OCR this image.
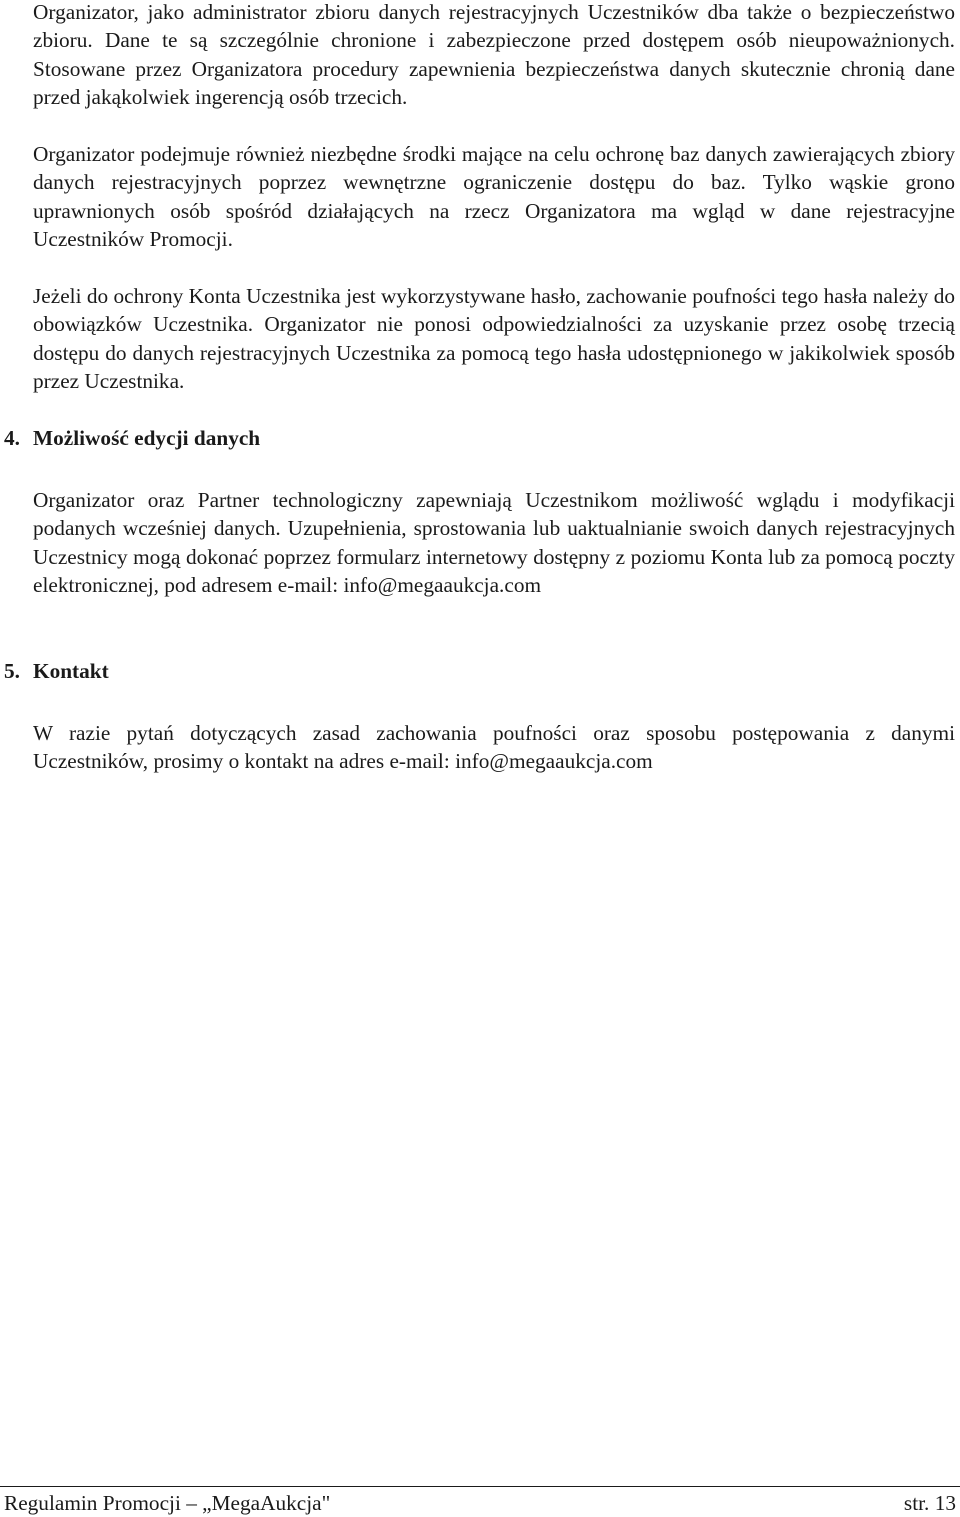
Organizator, jako administrator zbioru danych rejestracyjnych Uczestników dba także o bezpieczeństwo zbioru. Dane te są szczególnie chronione i zabezpieczone przed dostępem osób nieupoważnionych. Stosowane przez Organizatora procedury zapewnienia bezpieczeństwa danych skutecznie chronią dane przed jakąkolwiek ingerencją osób trzecich.

Organizator podejmuje również niezbędne środki mające na celu ochronę baz danych zawierających zbiory danych rejestracyjnych poprzez wewnętrzne ograniczenie dostępu do baz. Tylko wąskie grono uprawnionych osób spośród działających na rzecz Organizatora ma wgląd w dane rejestracyjne Uczestników Promocji.

Jeżeli do ochrony Konta Uczestnika jest wykorzystywane hasło, zachowanie poufności tego hasła należy do obowiązków Uczestnika. Organizator nie ponosi odpowiedzialności za uzyskanie przez osobę trzecią dostępu do danych rejestracyjnych Uczestnika za pomocą tego hasła udostępnionego w jakikolwiek sposób przez Uczestnika.

4. Możliwość edycji danych

Organizator oraz Partner technologiczny zapewniają Uczestnikom możliwość wglądu i modyfikacji podanych wcześniej danych. Uzupełnienia, sprostowania lub uaktualnianie swoich danych rejestracyjnych Uczestnicy mogą dokonać poprzez formularz internetowy dostępny z poziomu Konta lub za pomocą poczty elektronicznej, pod adresem e-mail: info@megaaukcja.com

5. Kontakt

W razie pytań dotyczących zasad zachowania poufności oraz sposobu postępowania z danymi Uczestników, prosimy o kontakt na adres e-mail: info@megaaukcja.com

Regulamin Promocji – „MegaAukcja"	str. 13
